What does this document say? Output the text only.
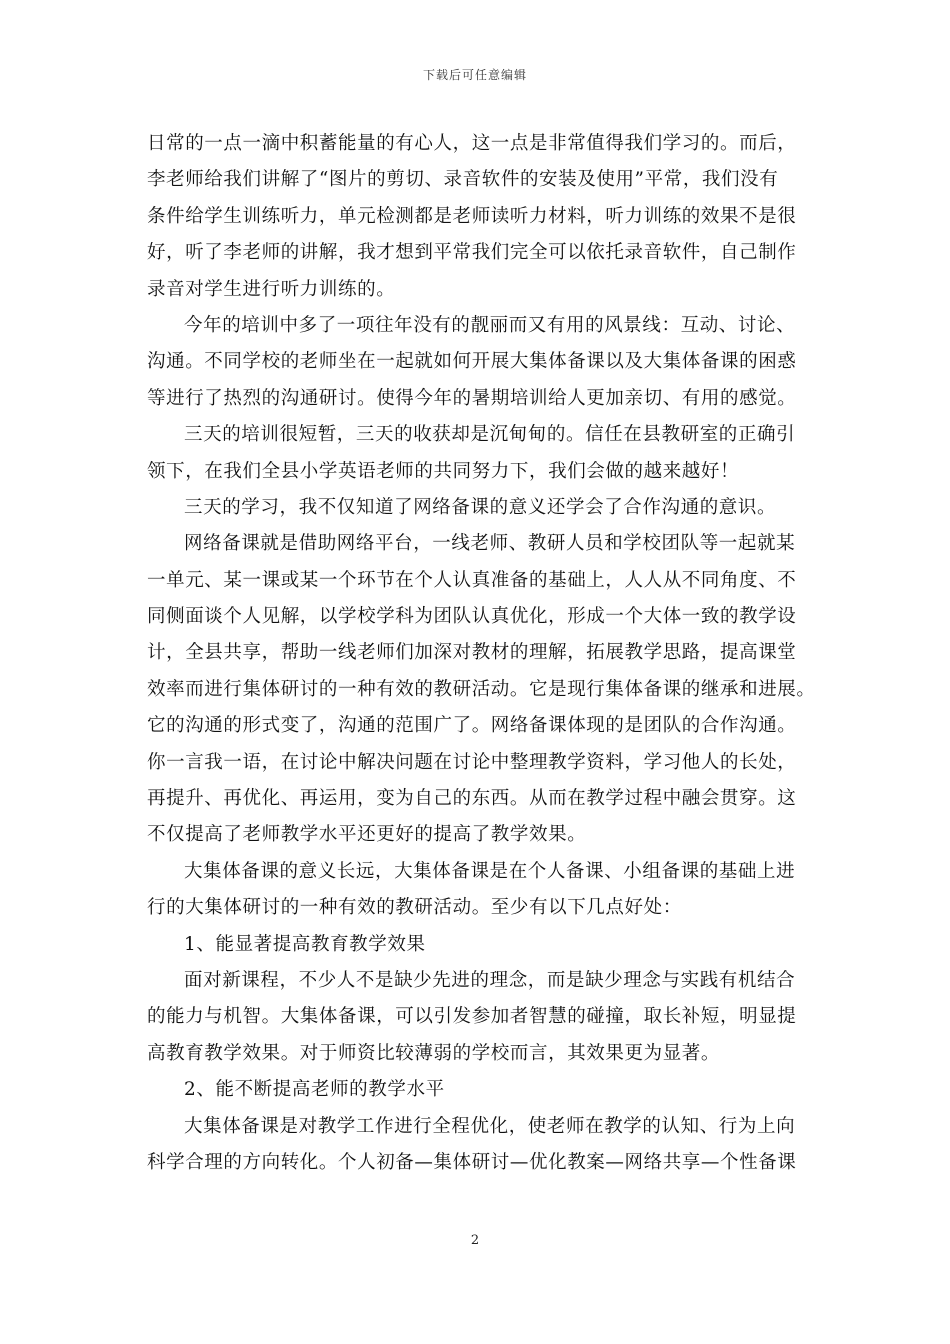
下载后可任意编辑
日常的一点一滴中积蓄能量的有心人，这一点是非常值得我们学习的。而后，
李老师给我们讲解了“图片的剪切、录音软件的安装及使用”平常，我们没有
条件给学生训练听力，单元检测都是老师读听力材料，听力训练的效果不是很
好，听了李老师的讲解，我才想到平常我们完全可以依托录音软件，自己制作
录音对学生进行听力训练的。
今年的培训中多了一项往年没有的靓丽而又有用的风景线：互动、讨论、
沟通。不同学校的老师坐在一起就如何开展大集体备课以及大集体备课的困惑
等进行了热烈的沟通研讨。使得今年的暑期培训给人更加亲切、有用的感觉。
三天的培训很短暂，三天的收获却是沉甸甸的。信任在县教研室的正确引
领下，在我们全县小学英语老师的共同努力下，我们会做的越来越好！
三天的学习，我不仅知道了网络备课的意义还学会了合作沟通的意识。
网络备课就是借助网络平台，一线老师、教研人员和学校团队等一起就某
一单元、某一课或某一个环节在个人认真准备的基础上，人人从不同角度、不
同侧面谈个人见解，以学校学科为团队认真优化，形成一个大体一致的教学设
计，全县共享，帮助一线老师们加深对教材的理解，拓展教学思路，提高课堂
效率而进行集体研讨的一种有效的教研活动。它是现行集体备课的继承和进展。
它的沟通的形式变了，沟通的范围广了。网络备课体现的是团队的合作沟通。
你一言我一语，在讨论中解决问题在讨论中整理教学资料，学习他人的长处，
再提升、再优化、再运用，变为自己的东西。从而在教学过程中融会贯穿。这
不仅提高了老师教学水平还更好的提高了教学效果。
大集体备课的意义长远，大集体备课是在个人备课、小组备课的基础上进
行的大集体研讨的一种有效的教研活动。至少有以下几点好处：
1、能显著提高教育教学效果
面对新课程，不少人不是缺少先进的理念，而是缺少理念与实践有机结合
的能力与机智。大集体备课，可以引发参加者智慧的碰撞，取长补短，明显提
高教育教学效果。对于师资比较薄弱的学校而言，其效果更为显著。
2、能不断提高老师的教学水平
大集体备课是对教学工作进行全程优化，使老师在教学的认知、行为上向
科学合理的方向转化。个人初备—集体研讨—优化教案—网络共享—个性备课
2
